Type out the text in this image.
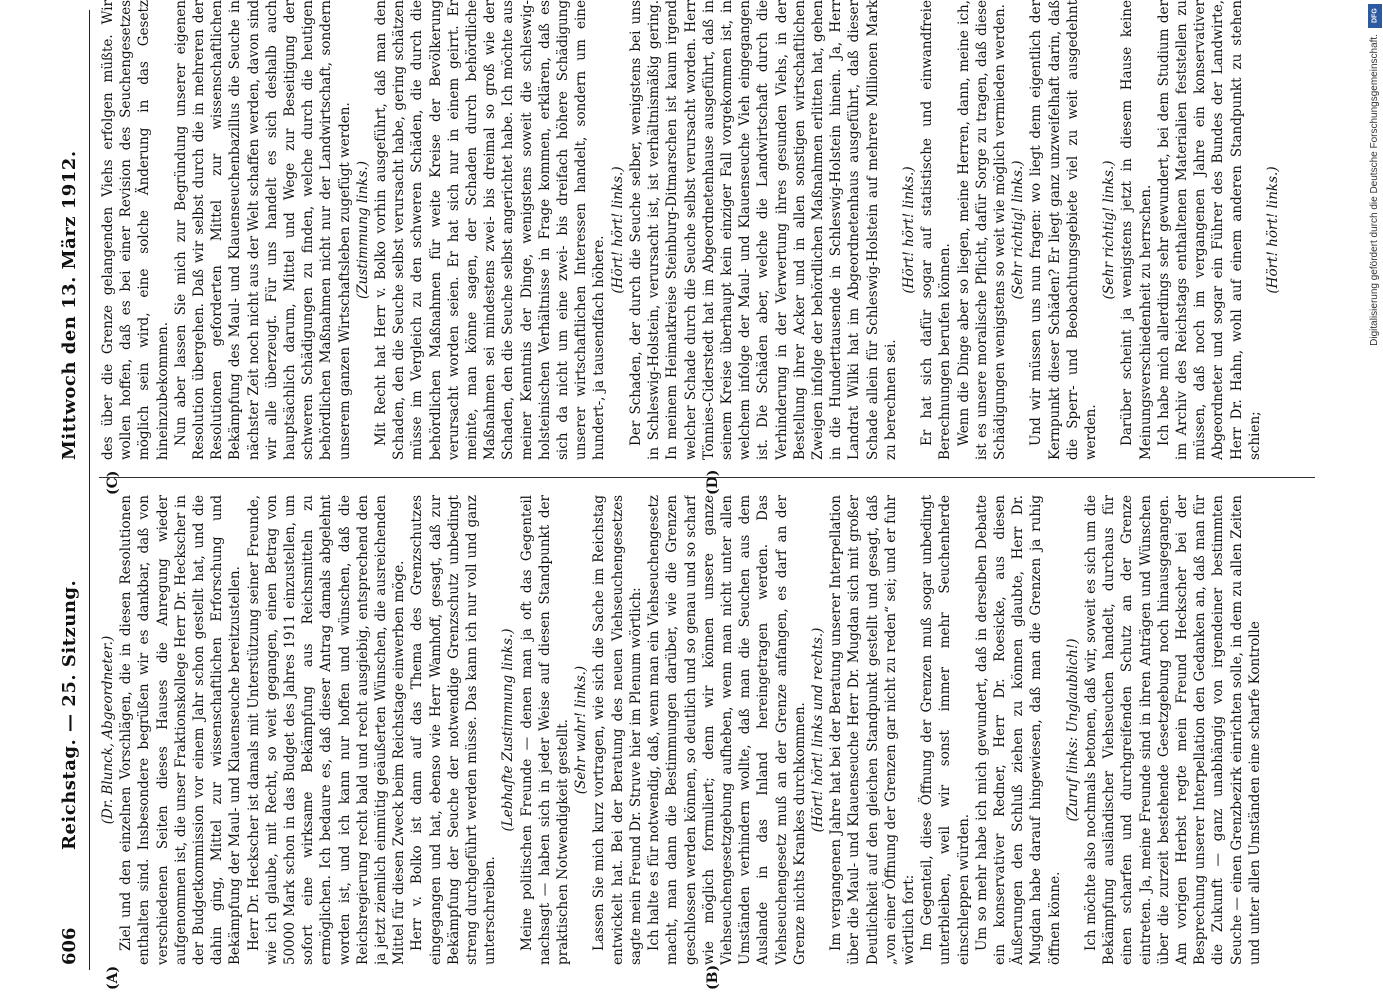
606
Reichstag. — 25. Sitzung.
Mittwoch den 13. März 1912.
(A)	(B)
(C)	(D)

(Dr. Blunck, Abgeordneter.) Ziel und den einzelnen Vorschlägen, die in diesen Resolutionen enthalten sind. Insbesondere begrüßen wir es dankbar, daß von verschiedenen Seiten dieses Hauses die Anregung wieder aufgenommen ist, die unser Fraktionskollege Herr Dr. Heckscher in der Budgetkommission vor einem Jahr schon gestellt hat, und die dahin ging, Mittel zur wissenschaftlichen Erforschung und Bekämpfung der Maul- und Klauenseuche bereitzustellen. Herr Dr. Heckscher ist damals mit Unterstützung seiner Freunde, wie ich glaube, mit Recht, so weit gegangen, einen Betrag von 50000 Mark schon in das Budget des Jahres 1911 einzustellen, um sofort eine wirksame Bekämpfung aus Reichsmitteln zu ermöglichen. Ich bedaure es, daß dieser Antrag damals abgelehnt worden ist, und ich kann nur hoffen und wünschen, daß die Reichsregierung recht bald und recht ausgiebig, entsprechend den ja jetzt ziemlich einmütig geäußerten Wünschen, die ausreichenden Mittel für diesen Zweck beim Reichstage einwerben möge. Herr v. Bolko ist dann auf das Thema des Grenzschutzes eingegangen und hat, ebenso wie Herr Wamhoff, gesagt, daß zur Bekämpfung der Seuche der notwendige Grenzschutz unbedingt streng durchgeführt werden müsse. Das kann ich nur voll und ganz unterschreiben.

(Lebhafte Zustimmung links.) Meine politischen Freunde — denen man ja oft das Gegenteil nachsagt — haben sich in jeder Weise auf diesen Standpunkt der praktischen Notwendigkeit gestellt. (Sehr wahr! links.) Lassen Sie mich kurz vortragen, wie sich die Sache im Reichstag entwickelt hat. Bei der Beratung des neuen Viehseuchengesetzes sagte mein Freund Dr. Struve hier im Plenum wörtlich: Ich halte es für notwendig, daß, wenn man ein Viehseuchengesetz macht, man dann die Bestimmungen darüber, wie die Grenzen geschlossen werden können, so deutlich und so genau und so scharf wie möglich formuliert; denn wir können unsere ganze Viehseuchengesetzgebung aufheben, wenn man nicht unter allen Umständen verhindern wollte, daß man die Seuchen aus dem Auslande in das Inland hereingetragen werden. Das Viehseuchengesetz muß an der Grenze anfangen, es darf an der Grenze nichts Krankes durchkommen. (Hört! hört! links und rechts.) Im vergangenen Jahre hat bei der Beratung unserer Interpellation über die Maul- und Klauenseuche Herr Dr. Mugdan sich mit großer Deutlichkeit auf den gleichen Standpunkt gestellt und gesagt, daß „von einer Öffnung der Grenzen gar nicht zu reden“ sei; und er fuhr wörtlich fort: Im Gegenteil, diese Öffnung der Grenzen muß sogar unbedingt unterbleiben, weil wir sonst immer mehr Seuchenherde einschleppen würden. Um so mehr habe ich mich gewundert, daß in derselben Debatte ein konservativer Redner, Herr Dr. Roesicke, aus diesen Äußerungen den Schluß ziehen zu können glaubte, Herr Dr. Mugdan habe darauf hingewiesen, daß man die Grenzen ja ruhig öffnen könne.

(Zuruf links: Unglaublich!) Ich möchte also nochmals betonen, daß wir, soweit es sich um die Bekämpfung ausländischer Viehseuchen handelt, durchaus für einen scharfen und durchgreifenden Schutz an der Grenze eintreten. Ja, meine Freunde sind in ihren Anträgen und Wünschen über die zurzeit bestehende Gesetzgebung noch hinausgegangen. Am vorigen Herbst regte mein Freund Heckscher bei der Besprechung unserer Interpellation den Gedanken an, daß man für die Zukunft — ganz unabhängig von irgendeiner bestimmten Seuche — einen Grenzbezirk einrichten solle, in dem zu allen Zeiten und unter allen Umständen eine scharfe Kontrolle

des über die Grenze gelangenden Viehs erfolgen müßte. Wir wollen hoffen, daß es bei einer Revision des Seuchengesetzes möglich sein wird, eine solche Änderung in das Gesetz hineinzubekommen. Nun aber lassen Sie mich zur Begründung unserer eigenen Resolution übergehen. Daß wir selbst durch die in mehreren der Resolutionen geforderten Mittel zur wissenschaftlichen Bekämpfung des Maul- und Klauenseuchenbazillus die Seuche in nächster Zeit noch nicht aus der Welt schaffen werden, davon sind wir alle überzeugt. Für uns handelt es sich deshalb auch hauptsächlich darum, Mittel und Wege zur Beseitigung der schweren Schädigungen zu finden, welche durch die heutigen behördlichen Maßnahmen nicht nur der Landwirtschaft, sondern unserem ganzen Wirtschaftsleben zugefügt werden. (Zustimmung links.) Mit Recht hat Herr v. Bolko vorhin ausgeführt, daß man den Schaden, den die Seuche selbst verursacht habe, gering schätzen müsse im Vergleich zu den schweren Schäden, die durch die behördlichen Maßnahmen für weite Kreise der Bevölkerung verursacht worden seien. Er hat sich nur in einem geirrt. Er meinte, man könne sagen, der Schaden durch behördliche Maßnahmen sei mindestens zwei- bis dreimal so groß wie der Schaden, den die Seuche selbst angerichtet habe. Ich möchte aus meiner Kenntnis der Dinge, wenigstens soweit die schleswig-holsteinischen Verhältnisse in Frage kommen, erklären, daß es sich da nicht um eine zwei- bis dreifach höhere Schädigung unserer wirtschaftlichen Interessen handelt, sondern um eine hundert-, ja tausendfach höhere.

(Hört! hört! links.) Der Schaden, der durch die Seuche selber, wenigstens bei uns in Schleswig-Holstein, verursacht ist, ist verhältnismäßig gering. In meinem Heimatkreise Steinburg-Ditmarschen ist kaum irgend welcher Schade durch die Seuche selbst verursacht worden. Herr Tönnies-Ciderstedt hat im Abgeordnetenhause ausgeführt, daß in seinem Kreise überhaupt kein einziger Fall vorgekommen ist, in welchem infolge der Maul- und Klauenseuche Vieh eingegangen ist. Die Schäden aber, welche die Landwirtschaft durch die Verhinderung in der Verwertung ihres gesunden Viehs, in der Bestellung ihrer Acker und in allen sonstigen wirtschaftlichen Zweigen infolge der behördlichen Maßnahmen erlitten hat, gehen in die Hunderttausende in Schleswig-Holstein hinein. Ja, Herr Landrat Wilki hat im Abgeordnetenhaus ausgeführt, daß dieser Schade allein für Schleswig-Holstein auf mehrere Millionen Mark zu berechnen sei.

(Hört! hört! links.) Er hat sich dafür sogar auf statistische und einwandfreie Berechnungen berufen können. Wenn die Dinge aber so liegen, meine Herren, dann, meine ich, ist es unsere moralische Pflicht, dafür Sorge zu tragen, daß diese Schädigungen wenigstens so weit wie möglich vermieden werden. (Sehr richtig! links.) Und wir müssen uns nun fragen: wo liegt denn eigentlich der Kernpunkt dieser Schäden? Er liegt ganz unzweifelhaft darin, daß die Sperr- und Beobachtungsgebiete viel zu weit ausgedehnt werden.

(Sehr richtig! links.) Darüber scheint ja wenigstens jetzt in diesem Hause keine Meinungsverschiedenheit zu herrschen. Ich habe mich allerdings sehr gewundert, bei dem Studium der im Archiv des Reichstags enthaltenen Materialien feststellen zu müssen, daß noch im vergangenen Jahre ein konservativer Abgeordneter und sogar ein Führer des Bundes der Landwirte, Herr Dr. Hahn, wohl auf einem anderen Standpunkt zu stehen schien;

(Hört! hört! links.)

DFG
Digitalisierung gefördert durch die Deutsche Forschungsgemeinschaft.
